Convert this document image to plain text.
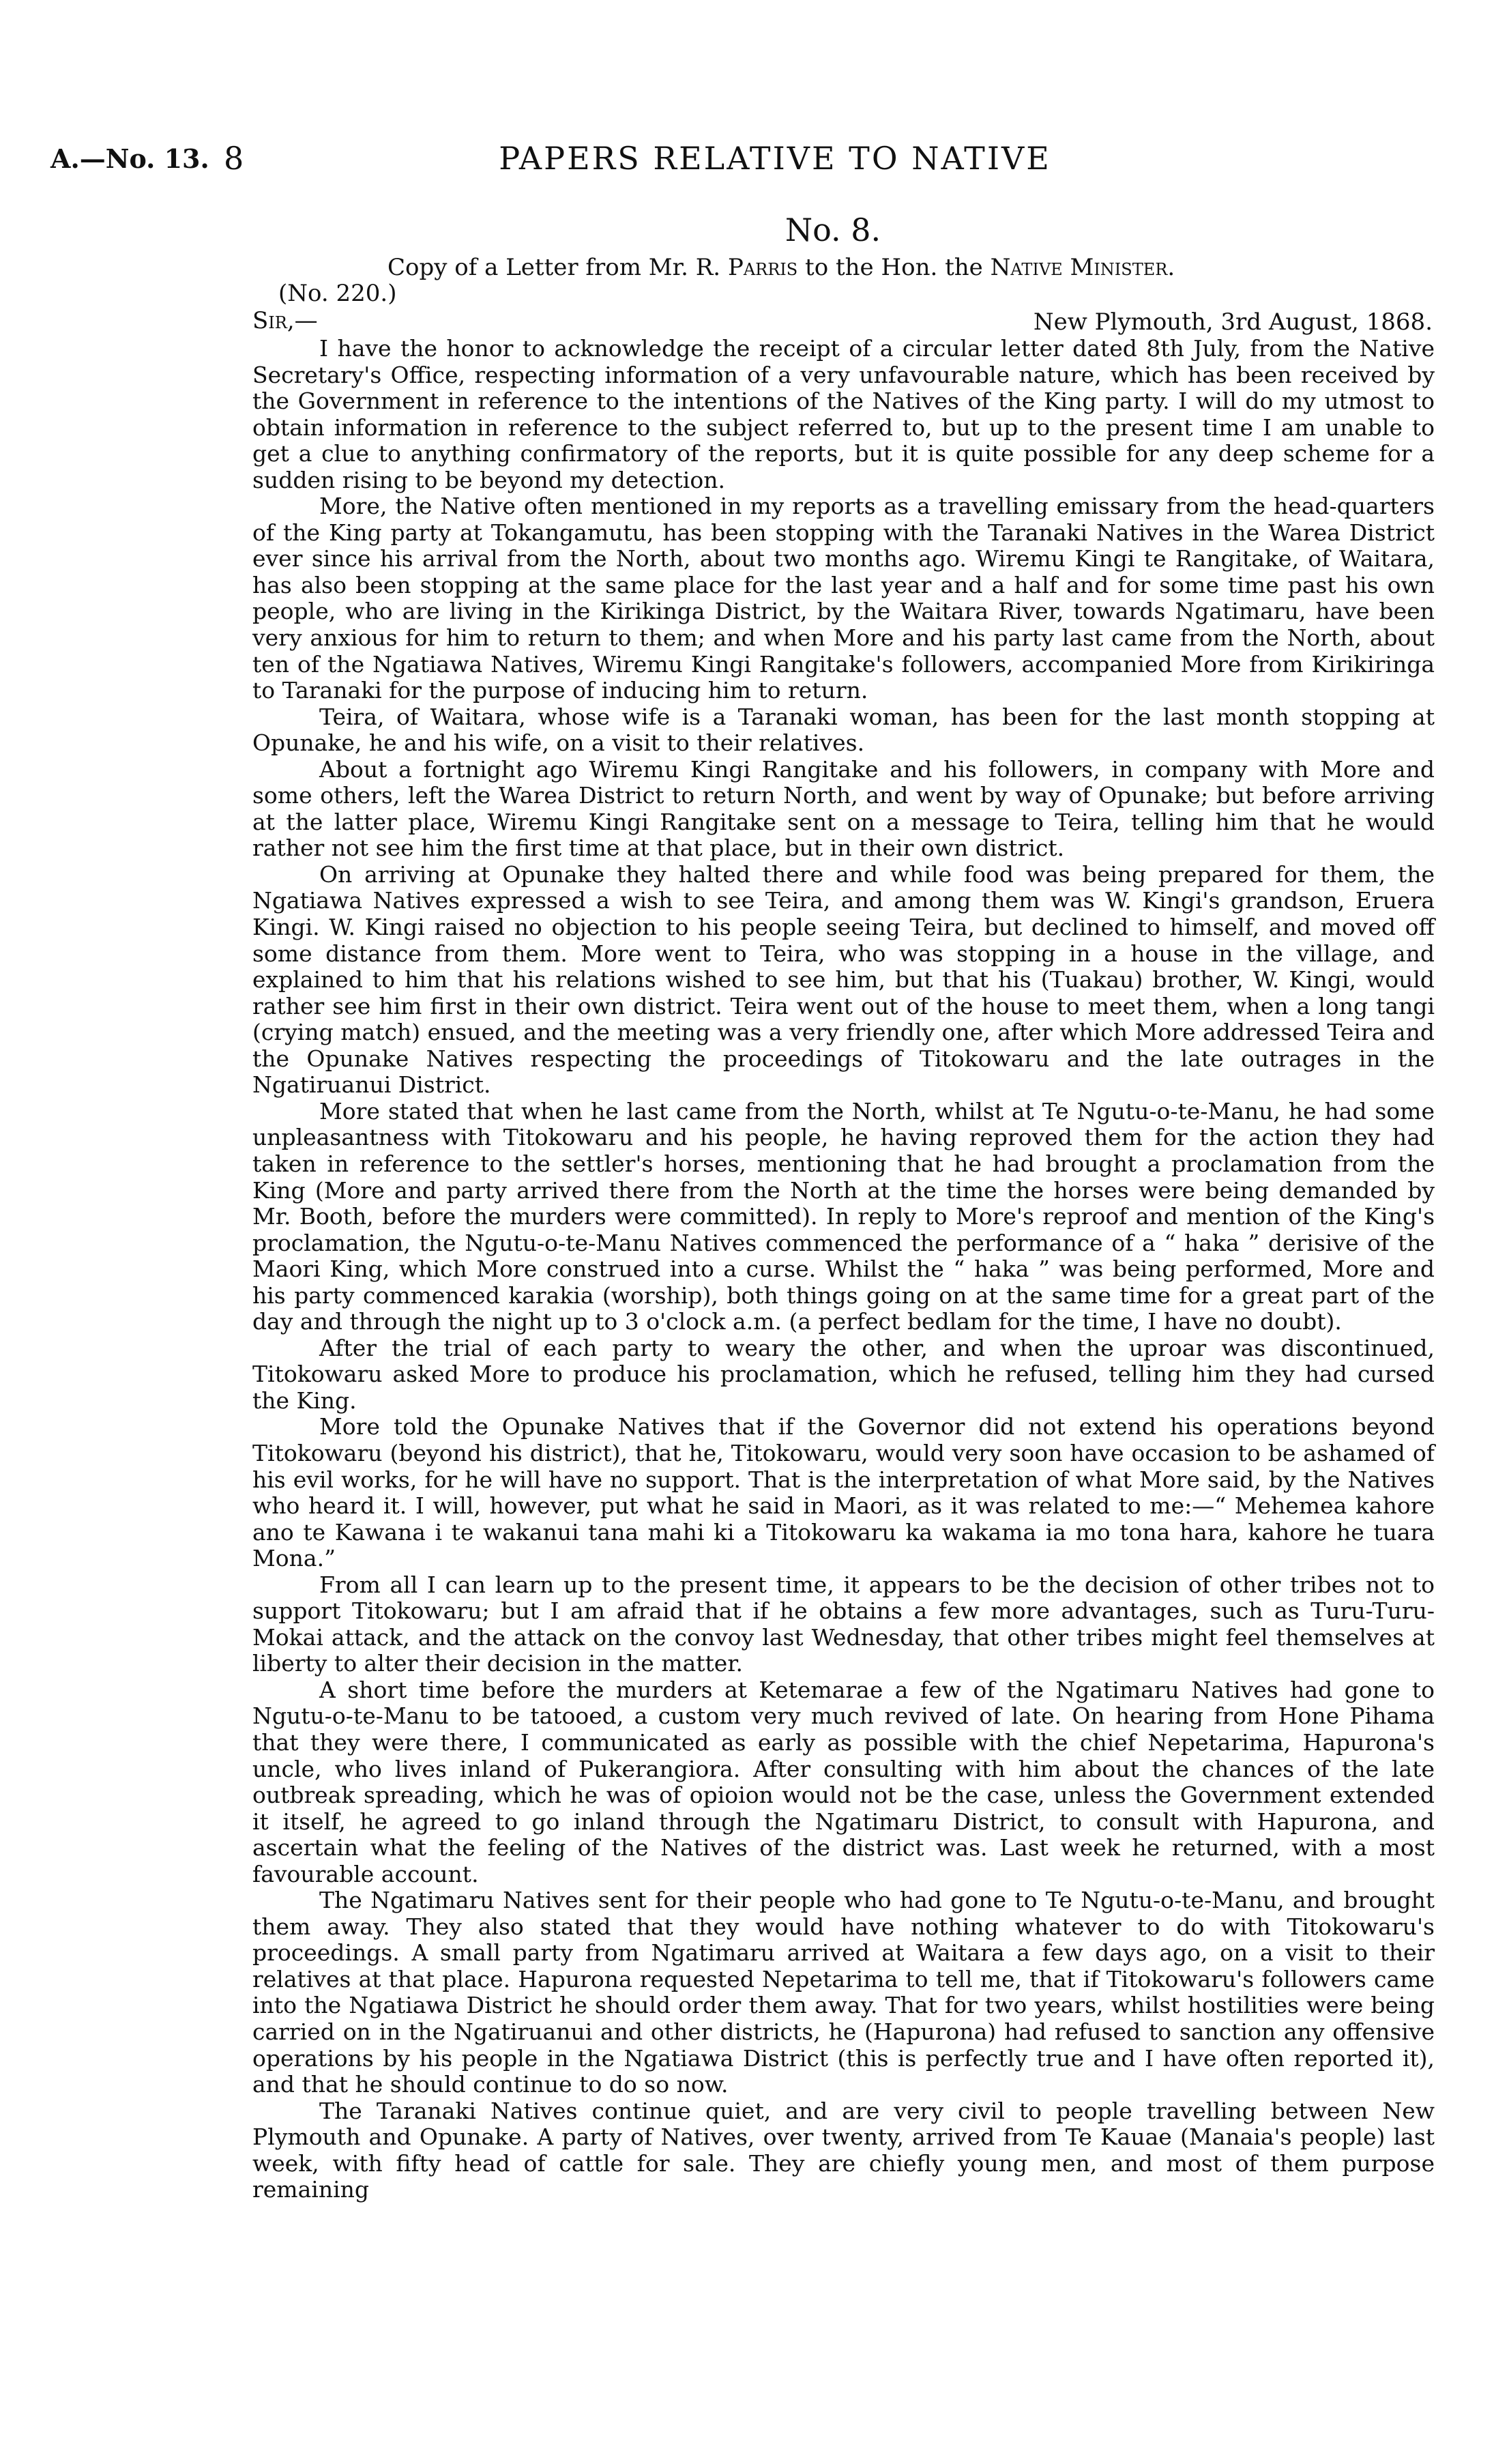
A.—No. 13. 8	PAPERS RELATIVE TO NATIVE
No. 8.
Copy of a Letter from Mr. R. Parris to the Hon. the Native Minister.
(No. 220.)
Sir,—	New Plymouth, 3rd August, 1868.

I have the honor to acknowledge the receipt of a circular letter dated 8th July, from the Native Secretary's Office, respecting information of a very unfavourable nature, which has been received by the Government in reference to the intentions of the Natives of the King party. I will do my utmost to obtain information in reference to the subject referred to, but up to the present time I am unable to get a clue to anything confirmatory of the reports, but it is quite possible for any deep scheme for a sudden rising to be beyond my detection.

More, the Native often mentioned in my reports as a travelling emissary from the head-quarters of the King party at Tokangamutu, has been stopping with the Taranaki Natives in the Warea District ever since his arrival from the North, about two months ago. Wiremu Kingi te Rangitake, of Waitara, has also been stopping at the same place for the last year and a half and for some time past his own people, who are living in the Kirikinga District, by the Waitara River, towards Ngatimaru, have been very anxious for him to return to them; and when More and his party last came from the North, about ten of the Ngatiawa Natives, Wiremu Kingi Rangitake's followers, accompanied More from Kirikiringa to Taranaki for the purpose of inducing him to return.

Teira, of Waitara, whose wife is a Taranaki woman, has been for the last month stopping at Opunake, he and his wife, on a visit to their relatives.

About a fortnight ago Wiremu Kingi Rangitake and his followers, in company with More and some others, left the Warea District to return North, and went by way of Opunake; but before arriving at the latter place, Wiremu Kingi Rangitake sent on a message to Teira, telling him that he would rather not see him the first time at that place, but in their own district.

On arriving at Opunake they halted there and while food was being prepared for them, the Ngatiawa Natives expressed a wish to see Teira, and among them was W. Kingi's grandson, Eruera Kingi. W. Kingi raised no objection to his people seeing Teira, but declined to himself, and moved off some distance from them. More went to Teira, who was stopping in a house in the village, and explained to him that his relations wished to see him, but that his (Tuakau) brother, W. Kingi, would rather see him first in their own district. Teira went out of the house to meet them, when a long tangi (crying match) ensued, and the meeting was a very friendly one, after which More addressed Teira and the Opunake Natives respecting the proceedings of Titokowaru and the late outrages in the Ngatiruanui District.

More stated that when he last came from the North, whilst at Te Ngutu-o-te-Manu, he had some unpleasantness with Titokowaru and his people, he having reproved them for the action they had taken in reference to the settler's horses, mentioning that he had brought a proclamation from the King (More and party arrived there from the North at the time the horses were being demanded by Mr. Booth, before the murders were committed). In reply to More's reproof and mention of the King's proclamation, the Ngutu-o-te-Manu Natives commenced the performance of a “ haka ” derisive of the Maori King, which More construed into a curse. Whilst the “ haka ” was being performed, More and his party commenced karakia (worship), both things going on at the same time for a great part of the day and through the night up to 3 o'clock a.m. (a perfect bedlam for the time, I have no doubt).

After the trial of each party to weary the other, and when the uproar was discontinued, Titokowaru asked More to produce his proclamation, which he refused, telling him they had cursed the King.

More told the Opunake Natives that if the Governor did not extend his operations beyond Titokowaru (beyond his district), that he, Titokowaru, would very soon have occasion to be ashamed of his evil works, for he will have no support. That is the interpretation of what More said, by the Natives who heard it. I will, however, put what he said in Maori, as it was related to me:—“ Mehemea kahore ano te Kawana i te wakanui tana mahi ki a Titokowaru ka wakama ia mo tona hara, kahore he tuara Mona.”

From all I can learn up to the present time, it appears to be the decision of other tribes not to support Titokowaru; but I am afraid that if he obtains a few more advantages, such as Turu-Turu-Mokai attack, and the attack on the convoy last Wednesday, that other tribes might feel themselves at liberty to alter their decision in the matter.

A short time before the murders at Ketemarae a few of the Ngatimaru Natives had gone to Ngutu-o-te-Manu to be tatooed, a custom very much revived of late. On hearing from Hone Pihama that they were there, I communicated as early as possible with the chief Nepetarima, Hapurona's uncle, who lives inland of Pukerangiora. After consulting with him about the chances of the late outbreak spreading, which he was of opioion would not be the case, unless the Government extended it itself, he agreed to go inland through the Ngatimaru District, to consult with Hapurona, and ascertain what the feeling of the Natives of the district was. Last week he returned, with a most favourable account.

The Ngatimaru Natives sent for their people who had gone to Te Ngutu-o-te-Manu, and brought them away. They also stated that they would have nothing whatever to do with Titokowaru's proceedings. A small party from Ngatimaru arrived at Waitara a few days ago, on a visit to their relatives at that place. Hapurona requested Nepetarima to tell me, that if Titokowaru's followers came into the Ngatiawa District he should order them away. That for two years, whilst hostilities were being carried on in the Ngatiruanui and other districts, he (Hapurona) had refused to sanction any offensive operations by his people in the Ngatiawa District (this is perfectly true and I have often reported it), and that he should continue to do so now.

The Taranaki Natives continue quiet, and are very civil to people travelling between New Plymouth and Opunake. A party of Natives, over twenty, arrived from Te Kauae (Manaia's people) last week, with fifty head of cattle for sale. They are chiefly young men, and most of them purpose remaining
